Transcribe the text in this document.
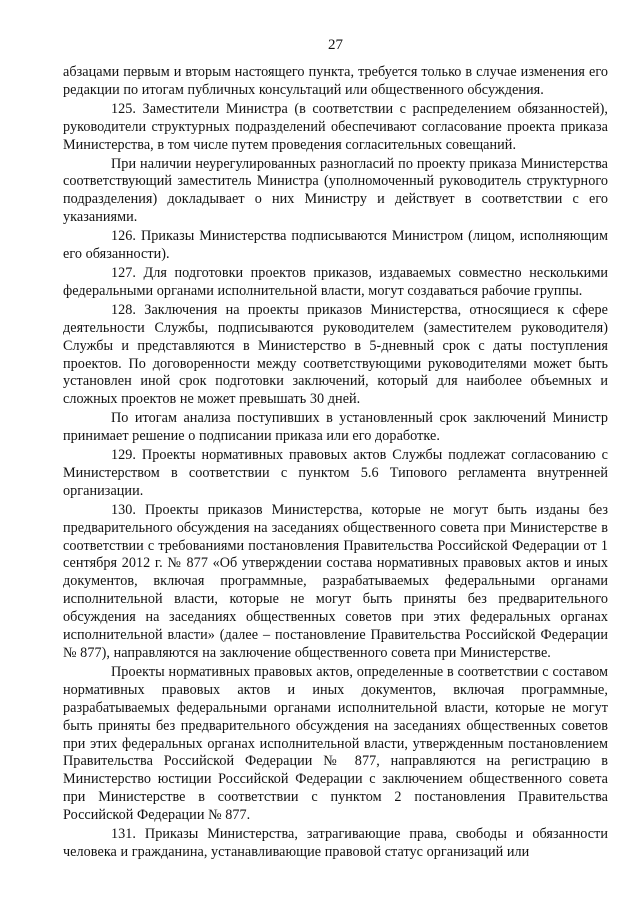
27

абзацами первым и вторым настоящего пункта, требуется только в случае изменения его редакции по итогам публичных консультаций или общественного обсуждения.

125. Заместители Министра (в соответствии с распределением обязанностей), руководители структурных подразделений обеспечивают согласование проекта приказа Министерства, в том числе путем проведения согласительных совещаний.

При наличии неурегулированных разногласий по проекту приказа Министерства соответствующий заместитель Министра (уполномоченный руководитель структурного подразделения) докладывает о них Министру и действует в соответствии с его указаниями.

126. Приказы Министерства подписываются Министром (лицом, исполняющим его обязанности).

127. Для подготовки проектов приказов, издаваемых совместно несколькими федеральными органами исполнительной власти, могут создаваться рабочие группы.

128. Заключения на проекты приказов Министерства, относящиеся к сфере деятельности Службы, подписываются руководителем (заместителем руководителя) Службы и представляются в Министерство в 5-дневный срок с даты поступления проектов. По договоренности между соответствующими руководителями может быть установлен иной срок подготовки заключений, который для наиболее объемных и сложных проектов не может превышать 30 дней.

По итогам анализа поступивших в установленный срок заключений Министр принимает решение о подписании приказа или его доработке.

129. Проекты нормативных правовых актов Службы подлежат согласованию с Министерством в соответствии с пунктом 5.6 Типового регламента внутренней организации.

130. Проекты приказов Министерства, которые не могут быть изданы без предварительного обсуждения на заседаниях общественного совета при Министерстве в соответствии с требованиями постановления Правительства Российской Федерации от 1 сентября 2012 г. № 877 «Об утверждении состава нормативных правовых актов и иных документов, включая программные, разрабатываемых федеральными органами исполнительной власти, которые не могут быть приняты без предварительного обсуждения на заседаниях общественных советов при этих федеральных органах исполнительной власти» (далее – постановление Правительства Российской Федерации № 877), направляются на заключение общественного совета при Министерстве.

Проекты нормативных правовых актов, определенные в соответствии с составом нормативных правовых актов и иных документов, включая программные, разрабатываемых федеральными органами исполнительной власти, которые не могут быть приняты без предварительного обсуждения на заседаниях общественных советов при этих федеральных органах исполнительной власти, утвержденным постановлением Правительства Российской Федерации № 877, направляются на регистрацию в Министерство юстиции Российской Федерации с заключением общественного совета при Министерстве в соответствии с пунктом 2 постановления Правительства Российской Федерации № 877.

131. Приказы Министерства, затрагивающие права, свободы и обязанности человека и гражданина, устанавливающие правовой статус организаций или
